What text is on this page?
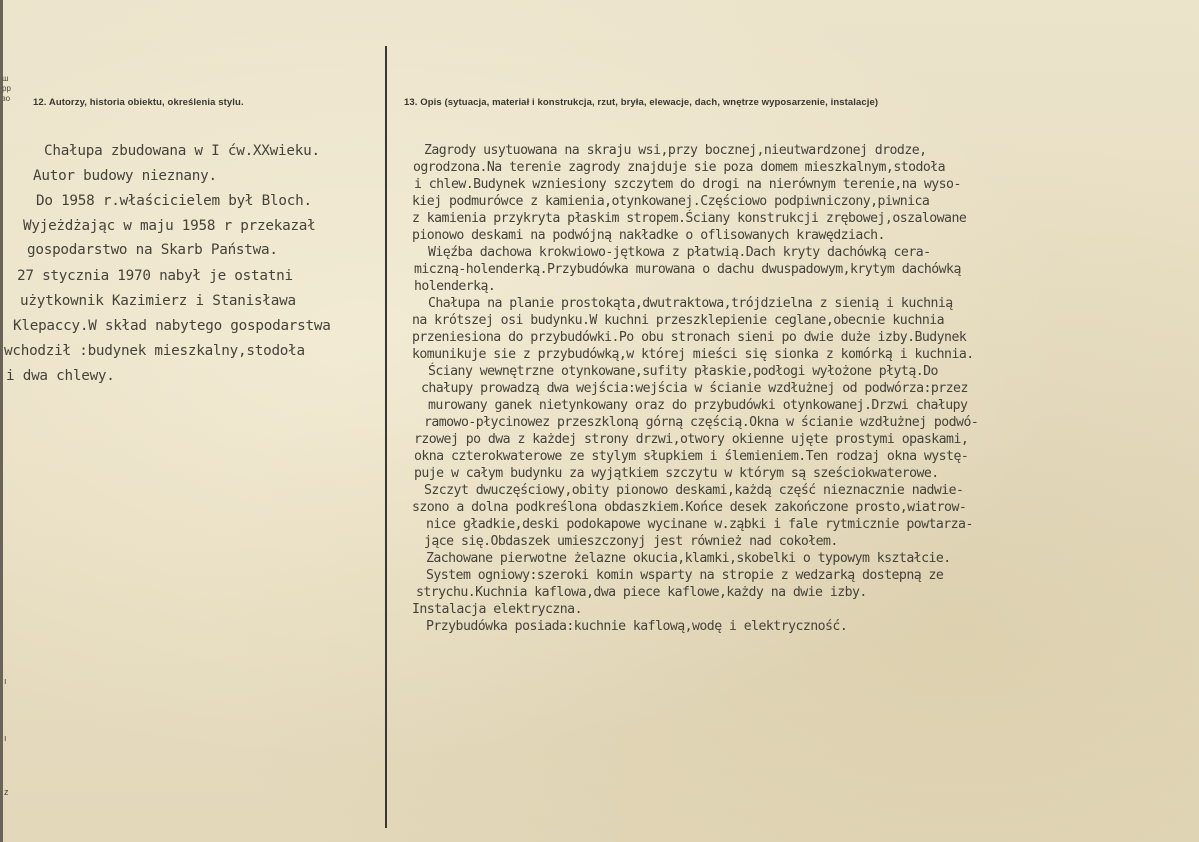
ш
рр
зо
ı
ı
z
12. Autorzy, historia obiektu, określenia stylu.	13. Opis (sytuacja, materiał i konstrukcja, rzut, bryła, elewacje, dach, wnętrze wyposarzenie, instalacje)
Chałupa zbudowana w I ćw.XXwieku.
Autor budowy nieznany.
Do 1958 r.właścicielem był Bloch.
Wyjeżdżając w maju 1958 r przekazał
gospodarstwo na Skarb Państwa.
27 stycznia 1970 nabył je ostatni
użytkownik Kazimierz i Stanisława
Klepaccy.W skład nabytego gospodarstwa
wchodził :budynek mieszkalny,stodoła
i dwa chlewy.
Zagrody usytuowana na skraju wsi,przy bocznej,nieutwardzonej drodze,
ogrodzona.Na terenie zagrody znajduje sie poza domem mieszkalnym,stodoła
i chlew.Budynek wzniesiony szczytem do drogi na nierównym terenie,na wyso-
kiej podmurówce z kamienia,otynkowanej.Częściowo podpiwniczony,piwnica
z kamienia przykryta płaskim stropem.Ściany konstrukcji zrębowej,oszalowane
pionowo deskami na podwójną nakładke o oflisowanych krawędziach.
Więźba dachowa krokwiowo-jętkowa z płatwią.Dach kryty dachówką cera-
miczną-holenderką.Przybudówka murowana o dachu dwuspadowym,krytym dachówką
holenderką.
Chałupa na planie prostokąta,dwutraktowa,trójdzielna z sienią i kuchnią
na krótszej osi budynku.W kuchni przeszklepienie ceglane,obecnie kuchnia
przeniesiona do przybudówki.Po obu stronach sieni po dwie duże izby.Budynek
komunikuje sie z przybudówką,w której mieści się sionka z komórką i kuchnia.
Ściany wewnętrzne otynkowane,sufity płaskie,podłogi wyłożone płytą.Do
chałupy prowadzą dwa wejścia:wejścia w ścianie wzdłużnej od podwórza:przez
murowany ganek nietynkowany oraz do przybudówki otynkowanej.Drzwi chałupy
ramowo-płycinowez przeszkloną górną częścią.Okna w ścianie wzdłużnej podwó-
rzowej po dwa z każdej strony drzwi,otwory okienne ujęte prostymi opaskami,
okna czterokwaterowe ze stylym słupkiem i ślemieniem.Ten rodzaj okna wystę-
puje w całym budynku za wyjątkiem szczytu w którym są sześciokwaterowe.
Szczyt dwuczęściowy,obity pionowo deskami,każdą część nieznacznie nadwie-
szono a dolna podkreślona obdaszkiem.Końce desek zakończone prosto,wiatrow-
nice gładkie,deski podokapowe wycinane w.ząbki i fale rytmicznie powtarza-
jące się.Obdaszek umieszczonyj jest również nad cokołem.
Zachowane pierwotne żelazne okucia,klamki,skobelki o typowym kształcie.
System ogniowy:szeroki komin wsparty na stropie z wedzarką dostepną ze
strychu.Kuchnia kaflowa,dwa piece kaflowe,każdy na dwie izby.
Instalacja elektryczna.
Przybudówka posiada:kuchnie kaflową,wodę i elektryczność.
